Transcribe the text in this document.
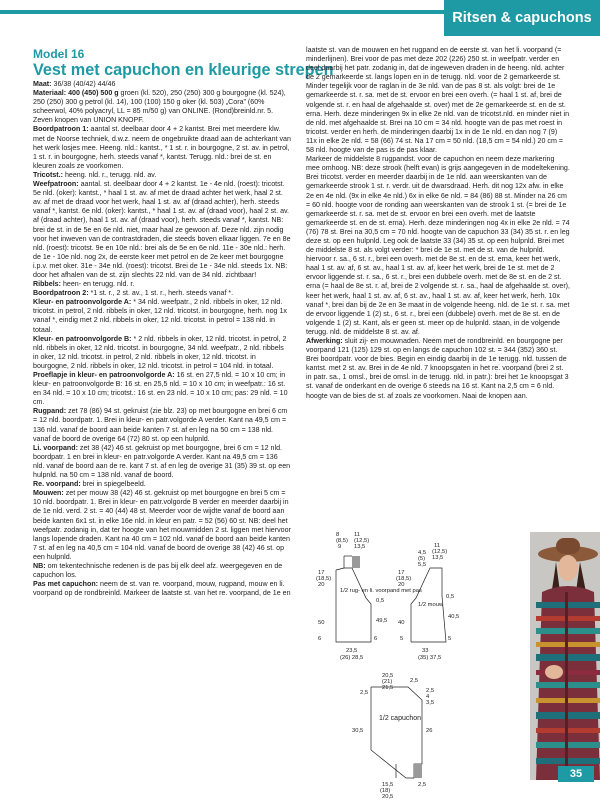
Ritsen & capuchons
Model 16
Vest met capuchon en kleurige strepen

Maat: 36/38 (40/42) 44/46

Materiaal: 400 (450) 500 g groen (kl. 520), 250 (250) 300 g bourgogne (kl. 524), 250 (250) 300 g petrol (kl. 14), 100 (100) 150 g oker (kl. 503) „Cora” (60% scheerwol, 40% polyacryl, LL = 85 m/50 g) van ONLINE. (Rond)breinld.nr. 5. Zeven knopen van UNION KNOPF.

Boordpatroon 1: aantal st. deelbaar door 4 + 2 kantst. Brei met meerdere klw. met de Noorse techniek, d.w.z. neem de ongebruikte draad aan de achterkant van het werk losjes mee. Heeng. nld.: kantst., * 1 st. r. in bourgogne, 2 st. av. in petrol, 1 st. r. in bourgogne, herh. steeds vanaf *, kantst. Terugg. nld.: brei de st. en kleuren zoals ze voorkomen.

Tricotst.: heeng. nld. r., terugg. nld. av.

Weefpatroon: aantal. st. deelbaar door 4 + 2 kantst. 1e - 4e nld. (roest): tricotst. 5e nld. (oker): kantst., * haal 1 st. av. af met de draad achter het werk, haal 2 st. av. af met de draad voor het werk, haal 1 st. av. af (draad achter), herh. steeds vanaf *, kantst. 6e nld. (oker): kantst., * haal 1 st. av. af (draad voor), haal 2 st. av. af (draad achter), haal 1 st. av. af (draad voor), herh. steeds vanaf *, kantst. NB: brei de st. in de 5e en 6e nld. niet, maar haal ze gewoon af. Deze nld. zijn nodig voor het inweven van de contrastdraden, die steeds boven elkaar liggen. 7e en 8e nld. (roest): tricotst. 9e en 10e nld.: brei als de 5e en 6e nld. 11e - 30e nld.: herh. de 1e - 10e nld. nog 2x, de eerste keer met petrol en de 2e keer met bourgogne i.p.v. met oker. 31e - 34e nld. (roest): tricotst. Brei de 1e - 34e nld. steeds 1x. NB: door het afhalen van de st. zijn slechts 22 nld. van de 34 nld. zichtbaar!

Ribbels: heen- en terugg. nld. r.

Boordpatroon 2: *1 st. r., 2 st. av., 1 st. r., herh. steeds vanaf *.

Kleur- en patroonvolgorde A: * 34 nld. weefpatr., 2 nld. ribbels in oker, 12 nld. tricotst. in petrol, 2 nld. ribbels in oker, 12 nld. tricotst. in bourgogne, herh. nog 1x vanaf *, eindig met 2 nld. ribbels in oker, 12 nld. tricotst. in petrol = 138 nld. in totaal.

Kleur- en patroonvolgorde B: * 2 nld. ribbels in oker, 12 nld. tricotst. in petrol, 2 nld. ribbels in oker, 12 nld. tricotst. in bourgogne, 34 nld. weefpatr., 2 nld. ribbels in oker, 12 nld. tricotst. in petrol, 2 nld. ribbels in oker, 12 nld. tricotst. in bourgogne, 2 nld. ribbels in oker, 12 nld. tricotst. in petrol = 104 nld. in totaal.

Proeflapje in kleur- en patroonvolgorde A: 16 st. en 27,5 nld. = 10 x 10 cm; in kleur- en patroonvolgorde B: 16 st. en 25,5 nld. = 10 x 10 cm; in weefpatr.: 16 st. en 34 nld. = 10 x 10 cm; tricotst.: 16 st. en 23 nld. = 10 x 10 cm; pas: 29 nld. = 10 cm.

Rugpand: zet 78 (86) 94 st. gekruist (zie blz. 23) op met bourgogne en brei 6 cm = 12 nld. boordpatr. 1. Brei in kleur- en patr.volgorde A verder. Kant na 49,5 cm = 136 nld. vanaf de boord aan beide kanten 7 st. af en leg na 50 cm = 138 nld. vanaf de boord de overige 64 (72) 80 st. op een hulpnld.

Li. voorpand: zet 38 (42) 46 st. gekruist op met bourgogne, brei 6 cm = 12 nld. boordpatr. 1 en brei in kleur- en patr.volgorde A verder. Kant na 49,5 cm = 136 nld. vanaf de boord aan de re. kant 7 st. af en leg de overige 31 (35) 39 st. op een hulpnld. na 50 cm = 138 nld. vanaf de boord.

Re. voorpand: brei in spiegelbeeld.

Mouwen: zet per mouw 38 (42) 46 st. gekruist op met bourgogne en brei 5 cm = 10 nld. boordpatr. 1. Brei in kleur- en patr.volgorde B verder en meerder daarbij in de 1e nld. verd. 2 st. = 40 (44) 48 st. Meerder voor de wijdte vanaf de boord aan beide kanten 6x1 st. in elke 16e nld. in kleur en patr. = 52 (56) 60 st. NB: deel het weefpatr. zodanig in, dat ter hoogte van het mouwmidden 2 st. liggen met hiervoor langs lopende draden. Kant na 40 cm = 102 nld. vanaf de boord aan beide kanten 7 st. af en leg na 40,5 cm = 104 nld. vanaf de boord de overige 38 (42) 46 st. op een hulpnld.

NB: om tekentechnische redenen is de pas bij elk deel afz. weergegeven en de capuchon los.

Pas met capuchon: neem de st. van re. voorpand, mouw, rugpand, mouw en li. voorpand op de rondbreinld. Markeer de laatste st. van het re. voorpand, de 1e en

laatste st. van de mouwen en het rugpand en de eerste st. van het li. voorpand (= minderlijnen). Brei voor de pas met deze 202 (226) 250 st. in weefpatr. verder en deel daarbij het patr. zodanig in, dat de ingeweven draden in de heeng. nld. achter de 2 gemarkeerde st. langs lopen en in de terugg. nld. voor de 2 gemarkeerde st. Minder tegelijk voor de raglan in de 3e nld. van de pas 8 st. als volgt: brei de 1e gemarkeerde st. r. sa. met de st. ervoor en brei een overh. (= haal 1 st. af, brei de volgende st. r. en haal de afgehaalde st. over) met de 2e gemarkeerde st. en de st. erna. Herh. deze minderingen 9x in elke 2e nld. van de tricotst.nld. en minder niet in de nld. met afgehaalde st. Brei na 10 cm = 34 nld. hoogte van de pas met roest in tricotst. verder en herh. de minderingen daarbij 1x in de 1e nld. en dan nog 7 (9) 11x in elke 2e nld. = 58 (66) 74 st. Na 17 cm = 50 nld. (18,5 cm = 54 nld.) 20 cm = 58 nld. hoogte van de pas is de pas klaar.

Markeer de middelste 8 rugpandst. voor de capuchon en neem deze markering mee omhoog. NB: deze strook (helft evan) is grijs aangegeven in de modeltekening. Brei tricotst. verder en meerder daarbij in de 1e nld. aan weerskanten van de gemarkeerde strook 1 st. r. verdr. uit de dwarsdraad. Herh. dit nog 12x afw. in elke 2e en 4e nld. (9x in elke 4e nld.) 6x in elke 6e nld. = 84 (86) 88 st. Minder na 26 cm = 60 nld. hoogte voor de ronding aan weerskanten van de strook 1 st. (= brei de 1e gemarkeerde st. r. sa. met de st. ervoor en brei een overh. met de laatste gemarkeerde st. en de st. erna). Herh. deze minderingen nog 4x in elke 2e nld. = 74 (76) 78 st. Brei na 30,5 cm = 70 nld. hoogte van de capuchon 33 (34) 35 st. r. en leg deze st. op een hulpnld. Leg ook de laatste 33 (34) 35 st. op een hulpnld. Brei met de middelste 8 st. als volgt verder: * brei de 1e st. met de st. van de hulpnld. hiervoor r. sa., 6 st. r., brei een overh. met de 8e st. en de st. erna, keer het werk, haal 1 st. av. af, 6 st. av., haal 1 st. av. af, keer het werk, brei de 1e st. met de 2 ervoor liggende st. r. sa., 6 st. r., brei een dubbele overh. met de 8e st. en de 2 st. erna (= haal de 8e st. r. af, brei de 2 volgende st. r. sa., haal de afgehaalde st. over), keer het werk, haal 1 st. av. af, 6 st. av., haal 1 st. av. af, keer het werk, herh. 10x vanaf *, brei dan bij de 2e en 3e maat in de volgende heeng. nld. de 1e st. r. sa. met de ervoor liggende 1 (2) st., 6 st. r., brei een (dubbele) overh. met de 8e st. en de volgende 1 (2) st. Kant, als er geen st. meer op de hulpnld. staan, in de volgende terugg. nld. de middelste 8 st. av. af.

Afwerking: sluit zij- en mouwnaden. Neem met de rondbreinld. en bourgogne per voorpand 121 (125) 129 st. op en langs de capuchon 102 st. = 344 (352) 360 st. Brei boordpatr. voor de bies. Begin en eindig daarbij in de 1e terugg. nld. tussen de kantst. met 2 st. av. Brei in de 4e nld. 7 knoopsgaten in het re. voorpand (brei 2 st. in patr. sa., 1 omsl., brei de omsl. in de terugg. nld. in patr.): brei het 1e knoopsgat 3 st. vanaf de onderkant en de overige 6 steeds na 16 st. Kant na 2,5 cm = 6 nld. hoogte van de bies de st. af zoals ze voorkomen. Naai de knopen aan.

1/2 rug- en li. voorpand met pas
1/2 mouw
1/2 capuchon
8	11
(8,5) (12,5)
9 13,5
17
(18,5)
20
0,5
49,5
50
6	6
23,5
(26) 28,5
4,5
11
(5)
(12,5)
5,5
13,5
17
(18,5)
20
0,5
40,5
40
5	5
33
(35) 37,5
2,5
2,5
2,5
4
3,5
20,5
(21)
21,5
30,5	26
15,5
(18)
20,5
2,5
35
PassionForum.ru
